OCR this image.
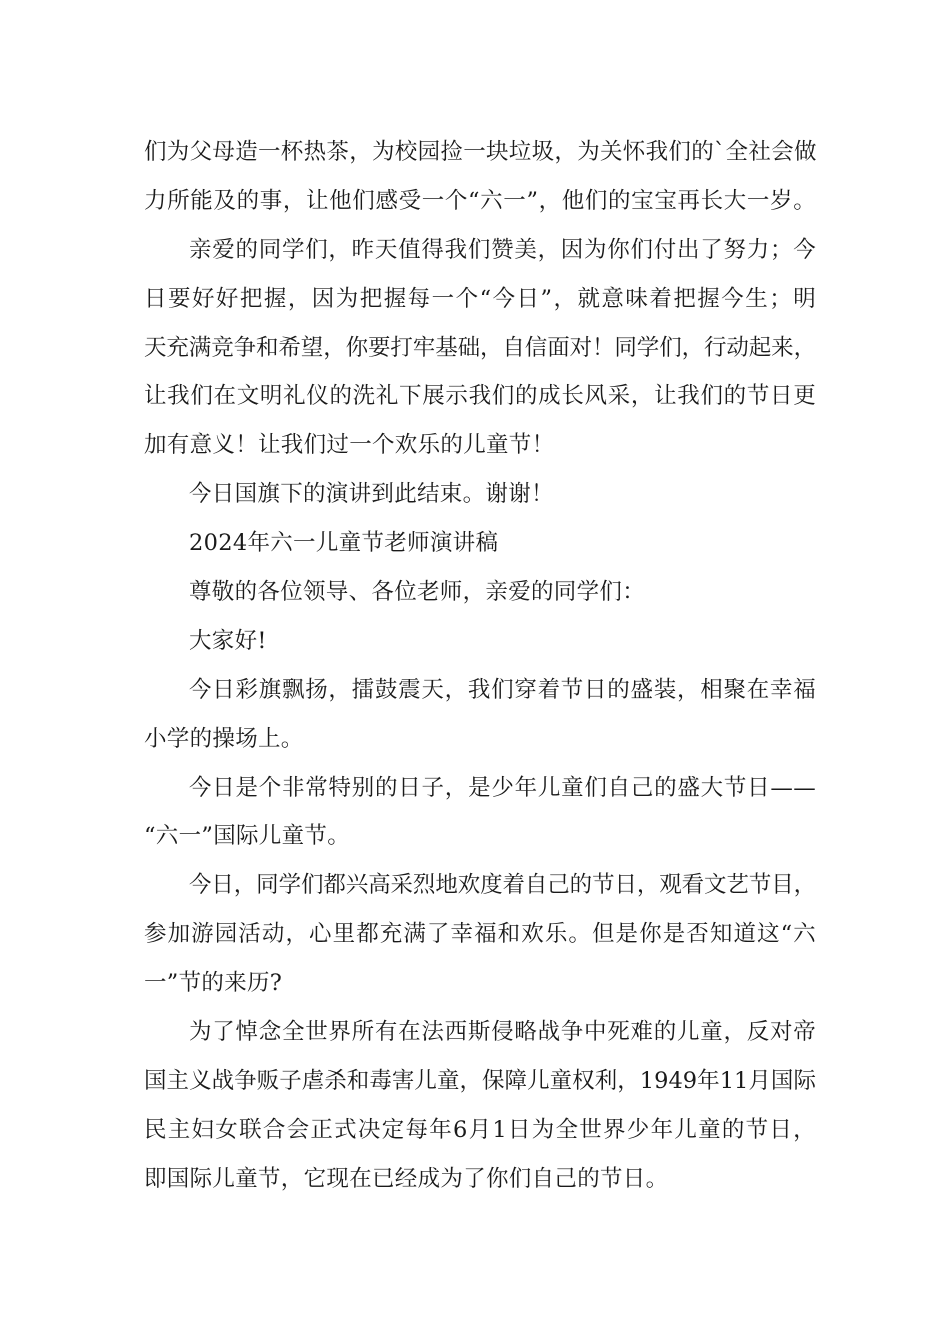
们为父母造一杯热茶，为校园捡一块垃圾，为关怀我们的`全社会做
力所能及的事，让他们感受一个“六一”，他们的宝宝再长大一岁。
亲爱的同学们，昨天值得我们赞美，因为你们付出了努力；今
日要好好把握，因为把握每一个“今日”，就意味着把握今生；明
天充满竞争和希望，你要打牢基础，自信面对！同学们，行动起来，
让我们在文明礼仪的洗礼下展示我们的成长风采，让我们的节日更
加有意义！让我们过一个欢乐的儿童节！
今日国旗下的演讲到此结束。谢谢！
2024年六一儿童节老师演讲稿
尊敬的各位领导、各位老师，亲爱的同学们：
大家好!
今日彩旗飘扬，擂鼓震天，我们穿着节日的盛装，相聚在幸福
小学的操场上。
今日是个非常特别的日子，是少年儿童们自己的盛大节日——
“六一”国际儿童节。
今日，同学们都兴高采烈地欢度着自己的节日，观看文艺节目，
参加游园活动，心里都充满了幸福和欢乐。但是你是否知道这“六
一”节的来历?
为了悼念全世界所有在法西斯侵略战争中死难的儿童，反对帝
国主义战争贩子虐杀和毒害儿童，保障儿童权利，1949年11月国际
民主妇女联合会正式决定每年6月1日为全世界少年儿童的节日，
即国际儿童节，它现在已经成为了你们自己的节日。
